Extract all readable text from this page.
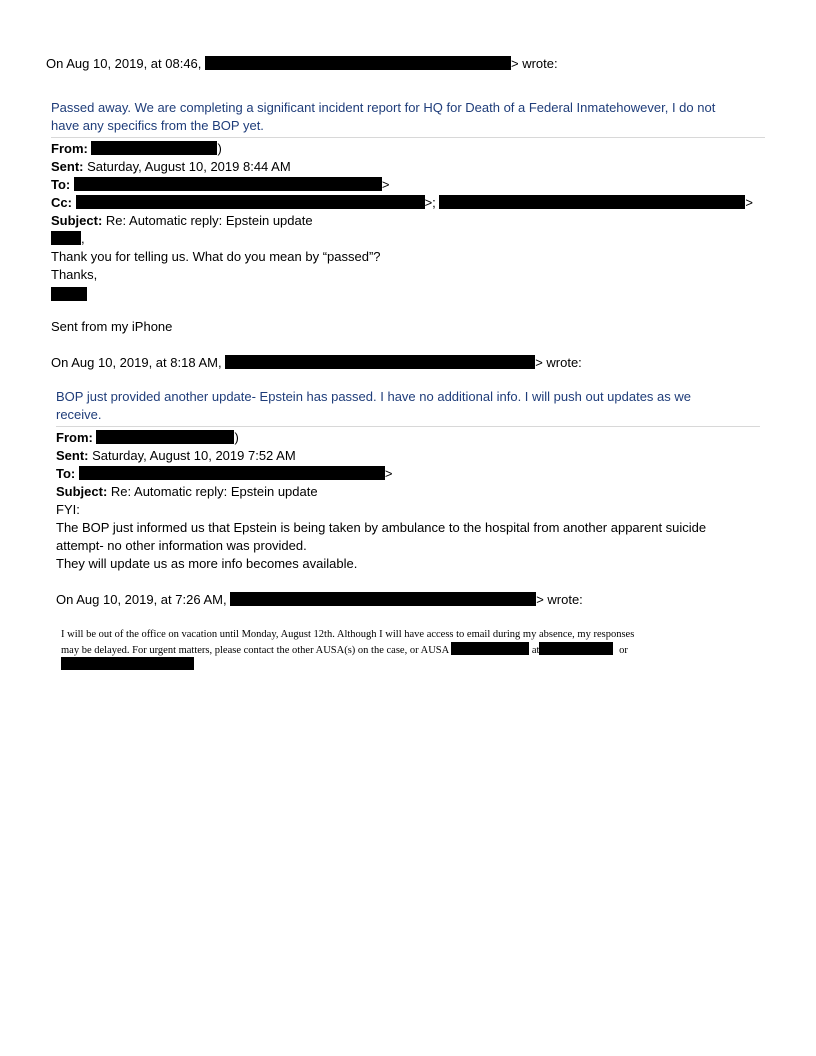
On Aug 10, 2019, at 08:46,	> wrote:
Passed away. We are completing a significant incident report for HQ for Death of a Federal Inmatehowever, I do not
have any specifics from the BOP yet.
From:	)
Sent: Saturday, August 10, 2019 8:44 AM
To:	>
Cc:	>;	>
Subject: Re: Automatic reply: Epstein update
,
Thank you for telling us. What do you mean by “passed”?
Thanks,
Sent from my iPhone
On Aug 10, 2019, at 8:18 AM,	> wrote:
BOP just provided another update- Epstein has passed. I have no additional info. I will push out updates as we
receive.
From:	)
Sent: Saturday, August 10, 2019 7:52 AM
To:	>
Subject: Re: Automatic reply: Epstein update
FYI:
The BOP just informed us that Epstein is being taken by ambulance to the hospital from another apparent suicide
attempt- no other information was provided.
They will update us as more info becomes available.
On Aug 10, 2019, at 7:26 AM,	> wrote:
I will be out of the office on vacation until Monday, August 12th. Although I will have access to email during my absence, my responses
may be delayed. For urgent matters, please contact the other AUSA(s) on the case, or AUSA	at	or
